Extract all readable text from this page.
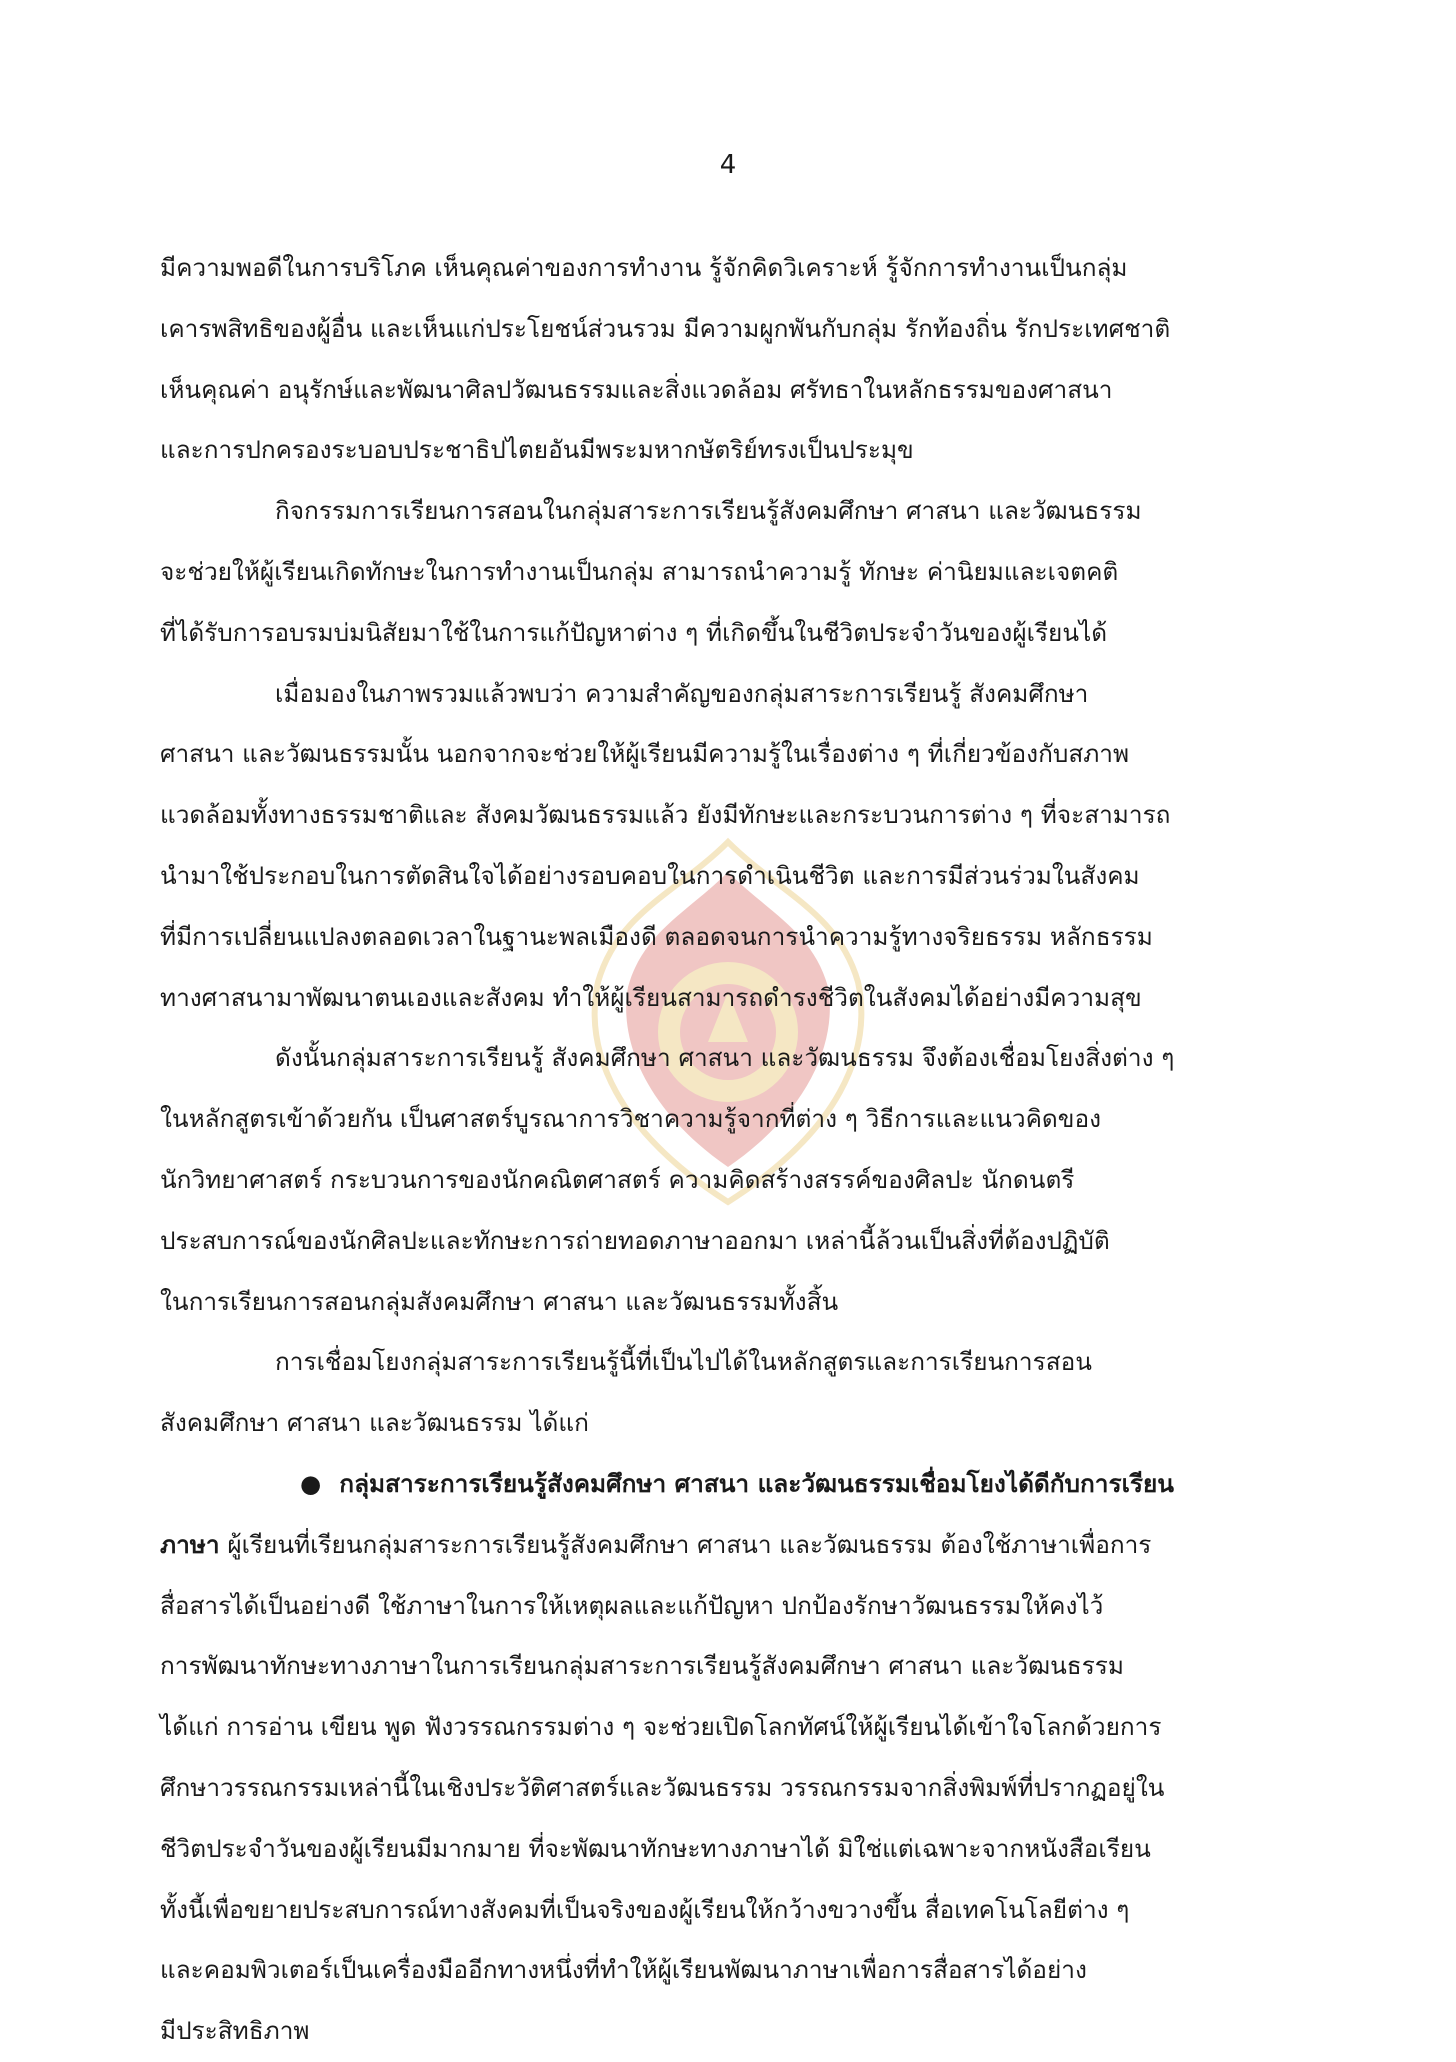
4
มีความพอดีในการบริโภค เห็นคุณค่าของการทำงาน รู้จักคิดวิเคราะห์ รู้จักการทำงานเป็นกลุ่ม
เคารพสิทธิของผู้อื่น และเห็นแก่ประโยชน์ส่วนรวม มีความผูกพันกับกลุ่ม รักท้องถิ่น รักประเทศชาติ
เห็นคุณค่า อนุรักษ์และพัฒนาศิลปวัฒนธรรมและสิ่งแวดล้อม ศรัทธาในหลักธรรมของศาสนา
และการปกครองระบอบประชาธิปไตยอันมีพระมหากษัตริย์ทรงเป็นประมุข
กิจกรรมการเรียนการสอนในกลุ่มสาระการเรียนรู้สังคมศึกษา ศาสนา และวัฒนธรรม
จะช่วยให้ผู้เรียนเกิดทักษะในการทำงานเป็นกลุ่ม สามารถนำความรู้ ทักษะ ค่านิยมและเจตคติ
ที่ได้รับการอบรมบ่มนิสัยมาใช้ในการแก้ปัญหาต่าง ๆ ที่เกิดขึ้นในชีวิตประจำวันของผู้เรียนได้
เมื่อมองในภาพรวมแล้วพบว่า ความสำคัญของกลุ่มสาระการเรียนรู้ สังคมศึกษา
ศาสนา และวัฒนธรรมนั้น นอกจากจะช่วยให้ผู้เรียนมีความรู้ในเรื่องต่าง ๆ ที่เกี่ยวข้องกับสภาพ
แวดล้อมทั้งทางธรรมชาติและ สังคมวัฒนธรรมแล้ว ยังมีทักษะและกระบวนการต่าง ๆ ที่จะสามารถ
นำมาใช้ประกอบในการตัดสินใจได้อย่างรอบคอบในการดำเนินชีวิต และการมีส่วนร่วมในสังคม
ที่มีการเปลี่ยนแปลงตลอดเวลาในฐานะพลเมืองดี ตลอดจนการนำความรู้ทางจริยธรรม หลักธรรม
ทางศาสนามาพัฒนาตนเองและสังคม ทำให้ผู้เรียนสามารถดำรงชีวิตในสังคมได้อย่างมีความสุข
ดังนั้นกลุ่มสาระการเรียนรู้ สังคมศึกษา ศาสนา และวัฒนธรรม จึงต้องเชื่อมโยงสิ่งต่าง ๆ
ในหลักสูตรเข้าด้วยกัน เป็นศาสตร์บูรณาการวิชาความรู้จากที่ต่าง ๆ วิธีการและแนวคิดของ
นักวิทยาศาสตร์ กระบวนการของนักคณิตศาสตร์ ความคิดสร้างสรรค์ของศิลปะ นักดนตรี
ประสบการณ์ของนักศิลปะและทักษะการถ่ายทอดภาษาออกมา เหล่านี้ล้วนเป็นสิ่งที่ต้องปฏิบัติ
ในการเรียนการสอนกลุ่มสังคมศึกษา ศาสนา และวัฒนธรรมทั้งสิ้น
การเชื่อมโยงกลุ่มสาระการเรียนรู้นี้ที่เป็นไปได้ในหลักสูตรและการเรียนการสอน
สังคมศึกษา ศาสนา และวัฒนธรรม ได้แก่
● กลุ่มสาระการเรียนรู้สังคมศึกษา ศาสนา และวัฒนธรรมเชื่อมโยงได้ดีกับการเรียน
ภาษา ผู้เรียนที่เรียนกลุ่มสาระการเรียนรู้สังคมศึกษา ศาสนา และวัฒนธรรม ต้องใช้ภาษาเพื่อการ
สื่อสารได้เป็นอย่างดี ใช้ภาษาในการให้เหตุผลและแก้ปัญหา ปกป้องรักษาวัฒนธรรมให้คงไว้
การพัฒนาทักษะทางภาษาในการเรียนกลุ่มสาระการเรียนรู้สังคมศึกษา ศาสนา และวัฒนธรรม
ได้แก่ การอ่าน เขียน พูด ฟังวรรณกรรมต่าง ๆ จะช่วยเปิดโลกทัศน์ให้ผู้เรียนได้เข้าใจโลกด้วยการ
ศึกษาวรรณกรรมเหล่านี้ในเชิงประวัติศาสตร์และวัฒนธรรม วรรณกรรมจากสิ่งพิมพ์ที่ปรากฏอยู่ใน
ชีวิตประจำวันของผู้เรียนมีมากมาย ที่จะพัฒนาทักษะทางภาษาได้ มิใช่แต่เฉพาะจากหนังสือเรียน
ทั้งนี้เพื่อขยายประสบการณ์ทางสังคมที่เป็นจริงของผู้เรียนให้กว้างขวางขึ้น สื่อเทคโนโลยีต่าง ๆ
และคอมพิวเตอร์เป็นเครื่องมืออีกทางหนึ่งที่ทำให้ผู้เรียนพัฒนาภาษาเพื่อการสื่อสารได้อย่าง
มีประสิทธิภาพ
